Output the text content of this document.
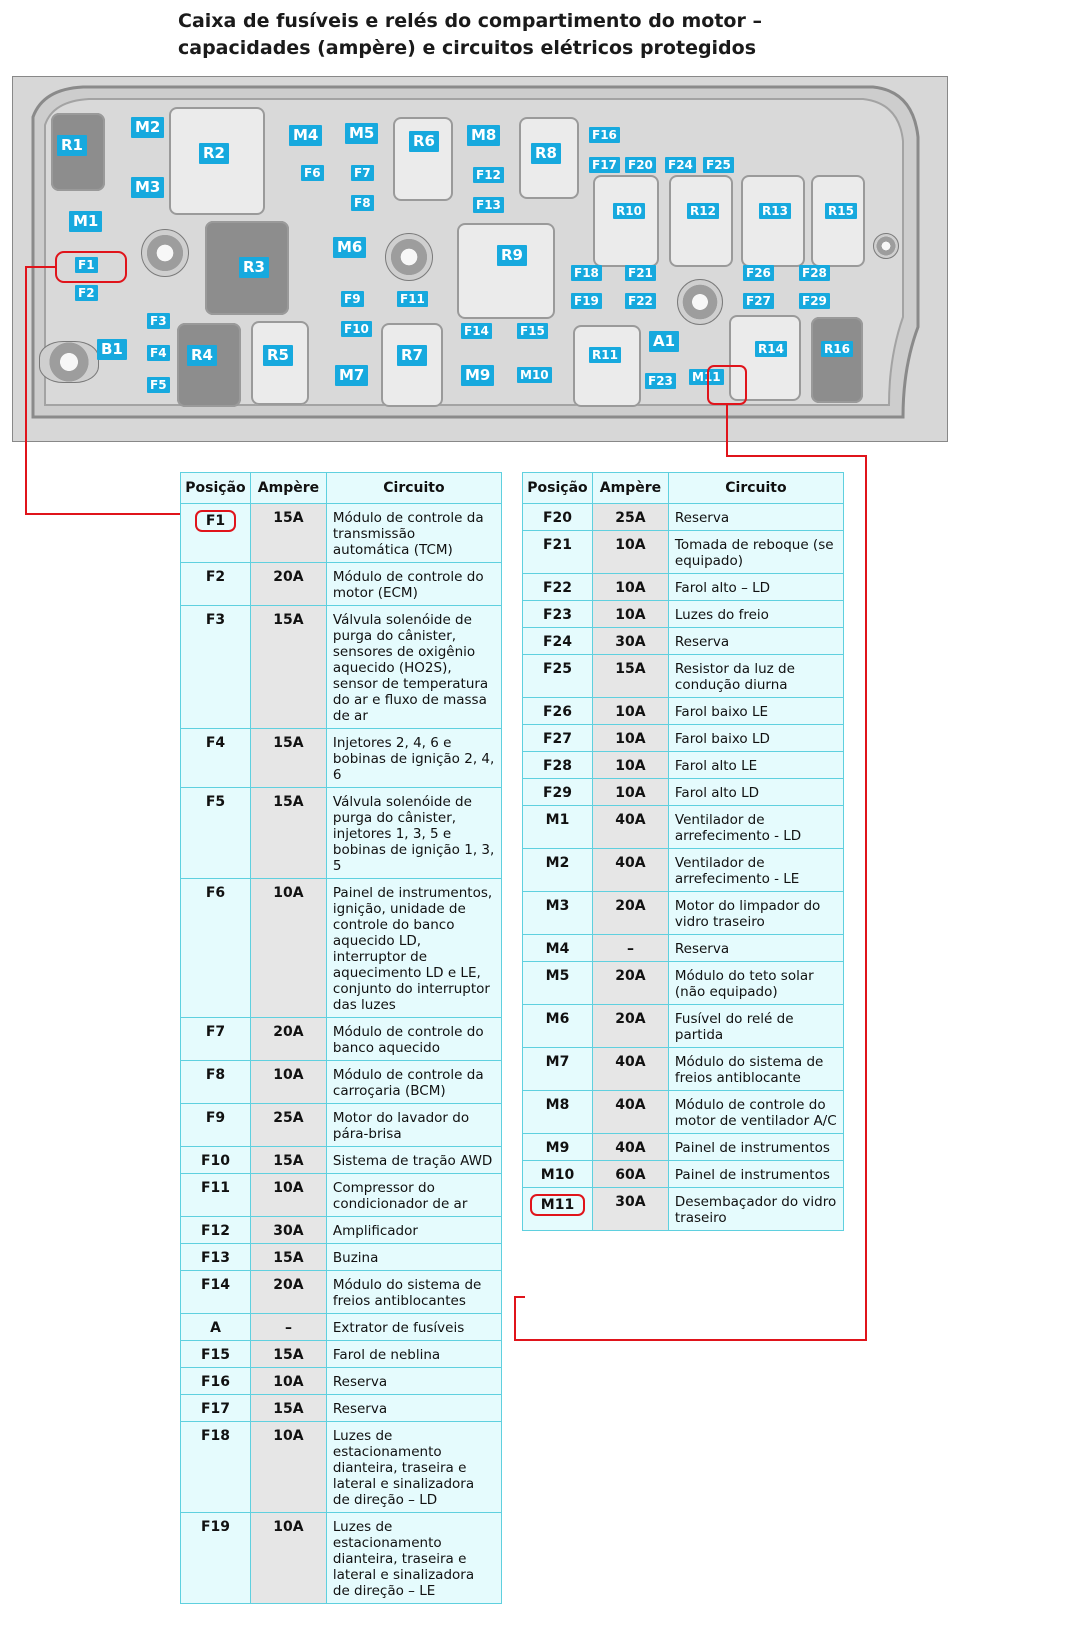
Caixa de fusíveis e relés do compartimento do motor –
capacidades (ampère) e circuitos elétricos protegidos
R1
M2
M3
M1
R2
M4 M5	R6 M8
R8
F16
F17 F20 F24 F25
F6	F7
F8
F12
F13
R3
M6	R9
R10	R12	R13	R15
F1
F2	F9	F11
F10
F18
F19
F21
F22
F26
F27
F28
F29
F3
F4
F5
B1	R4	R5
M7
R7
F14	F15
M9	M10
R11
A1
F23 M11
R14	R16
Posição	Ampère	Circuito
F1	15A	Módulo de controle da transmissão automática (TCM)
F2	20A	Módulo de controle do motor (ECM)
F3	15A	Válvula solenóide de purga do cânister, sensores de oxigênio aquecido (HO2S), sensor de temperatura do ar e fluxo de massa de ar
F4	15A	Injetores 2, 4, 6 e bobinas de ignição 2, 4, 6
F5	15A	Válvula solenóide de purga do cânister, injetores 1, 3, 5 e bobinas de ignição 1, 3, 5
F6	10A	Painel de instrumentos, ignição, unidade de controle do banco aquecido LD, interruptor de aquecimento LD e LE, conjunto do interruptor das luzes
F7	20A	Módulo de controle do banco aquecido
F8	10A	Módulo de controle da carroçaria (BCM)
F9	25A	Motor do lavador do pára-brisa
F10	15A	Sistema de tração AWD
F11	10A	Compressor do condicionador de ar
F12	30A	Amplificador
F13	15A	Buzina
F14	20A	Módulo do sistema de freios antiblocantes
A	–	Extrator de fusíveis
F15	15A	Farol de neblina
F16	10A	Reserva
F17	15A	Reserva
F18	10A	Luzes de estacionamento dianteira, traseira e lateral e sinalizadora de direção – LD
F19	10A	Luzes de estacionamento dianteira, traseira e lateral e sinalizadora de direção – LE
Posição	Ampère	Circuito
F20	25A	Reserva
F21	10A	Tomada de reboque (se equipado)
F22	10A	Farol alto – LD
F23	10A	Luzes do freio
F24	30A	Reserva
F25	15A	Resistor da luz de condução diurna
F26	10A	Farol baixo LE
F27	10A	Farol baixo LD
F28	10A	Farol alto LE
F29	10A	Farol alto LD
M1	40A	Ventilador de arrefecimento - LD
M2	40A	Ventilador de arrefecimento - LE
M3	20A	Motor do limpador do vidro traseiro
M4	–	Reserva
M5	20A	Módulo do teto solar (não equipado)
M6	20A	Fusível do relé de partida
M7	40A	Módulo do sistema de freios antiblocante
M8	40A	Módulo de controle do motor de ventilador A/C
M9	40A	Painel de instrumentos
M10	60A	Painel de instrumentos
M11	30A	Desembaçador do vidro traseiro
